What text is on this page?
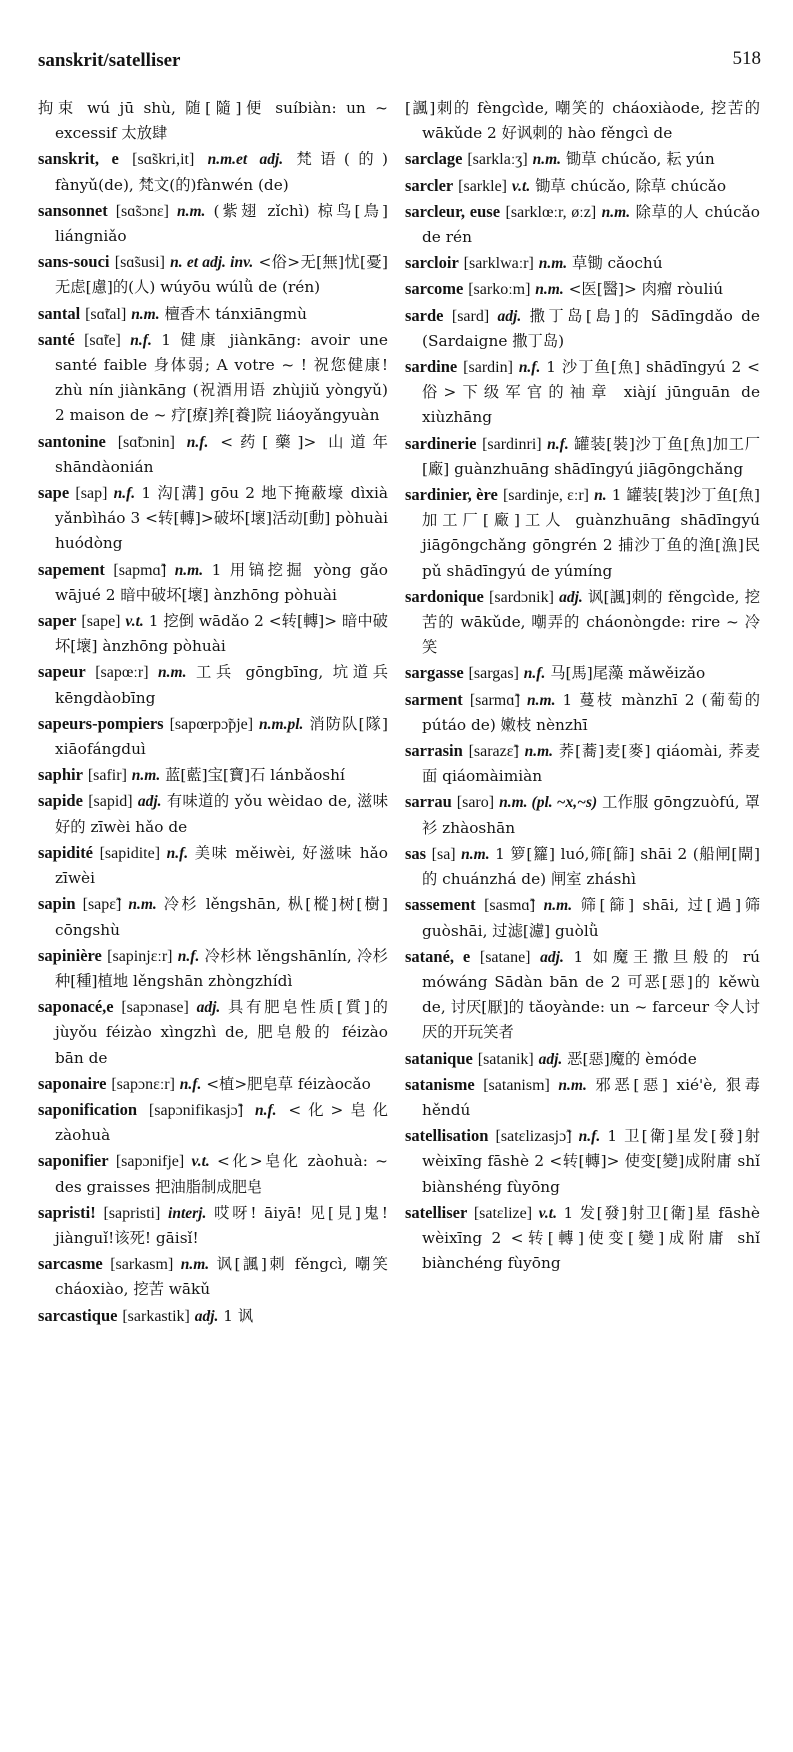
sanskrit/satelliser	518

拘束 wú jū shù, 随[隨]便 suíbiàn: un ~ excessif 太放肆

sanskrit, e [sɑ̃skri,it] n.m.et adj. 梵语(的) fànyǔ(de), 梵文(的)fànwén (de)

sansonnet [sɑ̃sɔnɛ] n.m. (紫翅 zǐchì) 椋鸟[鳥] liángniǎo

sans-souci [sɑ̃susi] n. et adj. inv. <俗>无[無]忧[憂]无虑[慮]的(人) wúyōu wúlǜ de (rén)

santal [sɑ̃tal] n.m. 檀香木 tánxiāngmù

santé [sɑ̃te] n.f. 1 健康 jiànkāng: avoir une santé faible 身体弱; A votre ~ ! 祝您健康! zhù nín jiànkāng (祝酒用语 zhùjiǔ yòngyǔ) 2 maison de ~ 疗[療]养[養]院 liáoyǎngyuàn

santonine [sɑ̃tɔnin] n.f. <药[藥]> 山道年 shāndàonián

sape [sap] n.f. 1 沟[溝] gōu 2 地下掩蔽壕 dìxià yǎnbìháo 3 <转[轉]>破坏[壞]活动[動] pòhuài huódòng

sapement [sapmɑ̃] n.m. 1 用镐挖掘 yòng gǎo wājué 2 暗中破坏[壞] ànzhōng pòhuài

saper [sape] v.t. 1 挖倒 wādǎo 2 <转[轉]> 暗中破坏[壞] ànzhōng pòhuài

sapeur [sapœːr] n.m. 工兵 gōngbīng, 坑道兵 kēngdàobīng

sapeurs-pompiers [sapœrpɔ̃pje] n.m.pl. 消防队[隊] xiāofángduì

saphir [safir] n.m. 蓝[藍]宝[寶]石 lánbǎoshí

sapide [sapid] adj. 有味道的 yǒu wèidao de, 滋味好的 zīwèi hǎo de

sapidité [sapidite] n.f. 美味 měiwèi, 好滋味 hǎo zīwèi

sapin [sapɛ̃] n.m. 冷杉 lěngshān, 枞[樅]树[樹] cōngshù

sapinière [sapinjɛːr] n.f. 冷杉林 lěngshānlín, 冷杉种[種]植地 lěngshān zhòngzhídì

saponacé,e [sapɔnase] adj. 具有肥皂性质[質]的 jùyǒu féizào xìngzhì de, 肥皂般的 féizào bān de

saponaire [sapɔnɛːr] n.f. <植>肥皂草 féizàocǎo

saponification [sapɔnifikasjɔ̃] n.f. <化>皂化 zàohuà

saponifier [sapɔnifje] v.t. <化>皂化 zàohuà: ~ des graisses 把油脂制成肥皂

sapristi! [sapristi] interj. 哎呀! āiyā! 见[見]鬼! jiànguǐ!该死! gāisǐ!

sarcasme [sarkasm] n.m. 讽[諷]刺 fěngcì, 嘲笑 cháoxiào, 挖苦 wākǔ

sarcastique [sarkastik] adj. 1 讽

[諷]刺的 fèngcìde, 嘲笑的 cháoxiàode, 挖苦的 wākǔde 2 好讽刺的 hào fěngcì de

sarclage [sarklaːʒ] n.m. 锄草 chúcǎo, 耘 yún

sarcler [sarkle] v.t. 锄草 chúcǎo, 除草 chúcǎo

sarcleur, euse [sarklœːr, øːz] n.m. 除草的人 chúcǎo de rén

sarcloir [sarklwaːr] n.m. 草锄 cǎochú

sarcome [sarkoːm] n.m. <医[醫]> 肉瘤 ròuliú

sarde [sard] adj. 撒丁岛[島]的 Sādīngdǎo de (Sardaigne 撒丁岛)

sardine [sardin] n.f. 1 沙丁鱼[魚] shādīngyú 2 <俗>下级军官的袖章 xiàjí jūnguān de xiùzhāng

sardinerie [sardinri] n.f. 罐装[裝]沙丁鱼[魚]加工厂[廠] guànzhuāng shādīngyú jiāgōngchǎng

sardinier, ère [sardinje, ɛːr] n. 1 罐装[裝]沙丁鱼[魚]加工厂[廠]工人 guànzhuāng shādīngyú jiāgōngchǎng gōngrén 2 捕沙丁鱼的渔[漁]民 pǔ shādīngyú de yúmíng

sardonique [sardɔnik] adj. 讽[諷]刺的 fěngcìde, 挖苦的 wākǔde, 嘲弄的 cháonòngde: rire ~ 冷笑

sargasse [sargas] n.f. 马[馬]尾藻 mǎwěizǎo

sarment [sarmɑ̃] n.m. 1 蔓枝 mànzhī 2 (葡萄的 pútáo de) 嫩枝 nènzhī

sarrasin [sarazɛ̃] n.m. 荞[蕎]麦[麥] qiáomài, 荞麦面 qiáomàimiàn

sarrau [saro] n.m. (pl. ~x,~s) 工作服 gōngzuòfú, 罩衫 zhàoshān

sas [sa] n.m. 1 箩[籮] luó,筛[篩] shāi 2 (船闸[閘]的 chuánzhá de) 闸室 zháshì

sassement [sasmɑ̃] n.m. 筛[篩] shāi, 过[過]筛 guòshāi, 过滤[濾] guòlǜ

satané, e [satane] adj. 1 如魔王撒旦般的 rú mówáng Sādàn bān de 2 可恶[惡]的 kěwù de, 讨厌[厭]的 tǎoyànde: un ~ farceur 令人讨厌的开玩笑者

satanique [satanik] adj. 恶[惡]魔的 èmóde

satanisme [satanism] n.m. 邪恶[惡] xié'è, 狠毒 hěndú

satellisation [satɛlizasjɔ̃] n.f. 1 卫[衛]星发[發]射 wèixīng fāshè 2 <转[轉]> 使变[變]成附庸 shǐ biànshéng fùyōng

satelliser [satɛlize] v.t. 1 发[發]射卫[衛]星 fāshè wèixīng 2 <转[轉]使变[變]成附庸 shǐ biànchéng fùyōng
